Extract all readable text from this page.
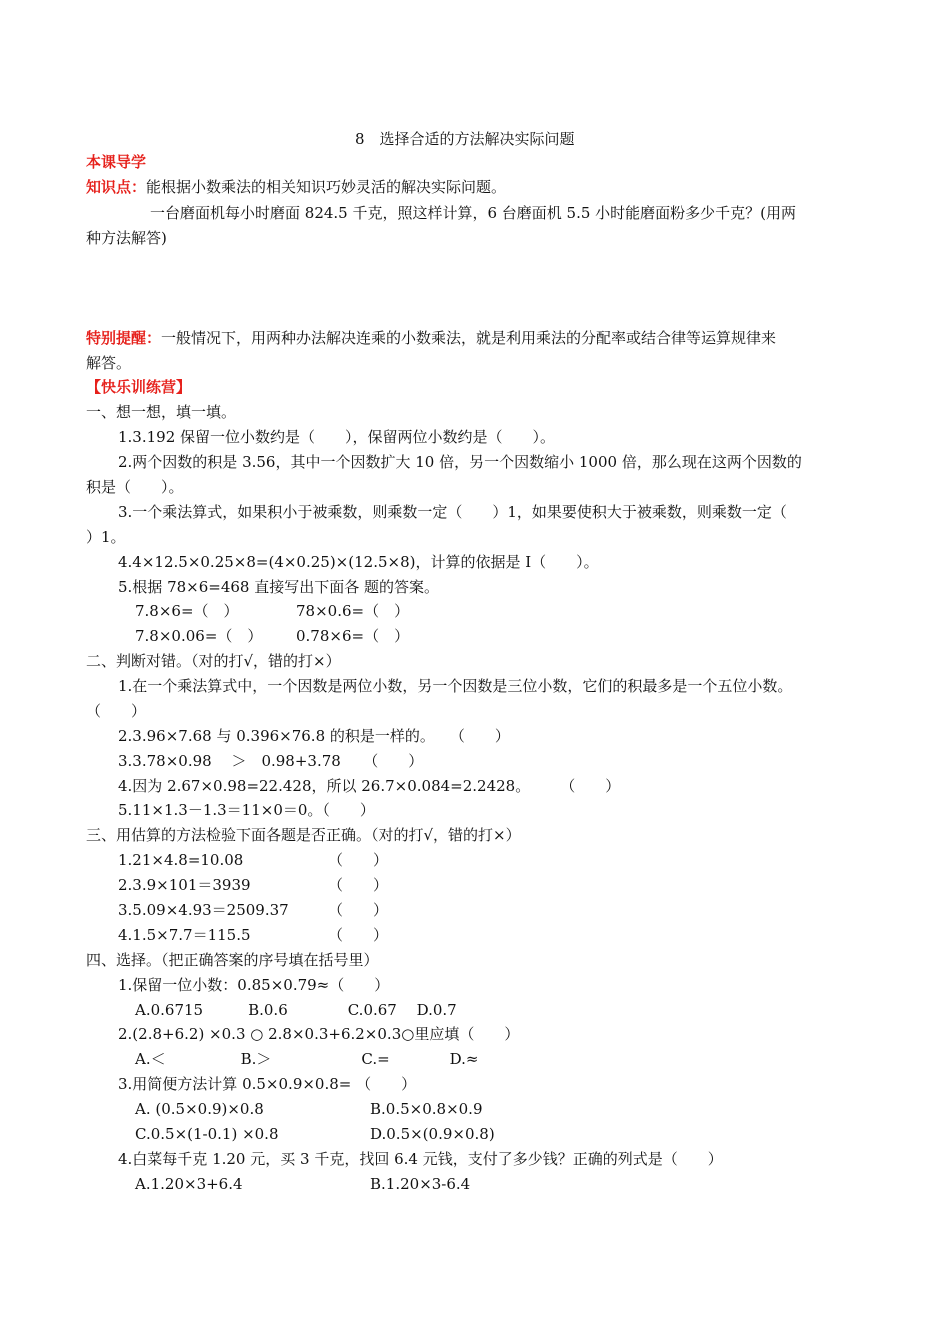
8　选择合适的方法解决实际问题
本课导学
知识点：能根据小数乘法的相关知识巧妙灵活的解决实际问题。
一台磨面机每小时磨面 824.5 千克，照这样计算，6 台磨面机 5.5 小时能磨面粉多少千克？(用两
种方法解答)
特别提醒：一般情况下，用两种办法解决连乘的小数乘法，就是利用乘法的分配率或结合律等运算规律来
解答。
【快乐训练营】
一、想一想，填一填。
1.3.192 保留一位小数约是（　　），保留两位小数约是（　　）。
2.两个因数的积是 3.56，其中一个因数扩大 10 倍，另一个因数缩小 1000 倍，那么现在这两个因数的
积是（　　）。
3.一个乘法算式，如果积小于被乘数，则乘数一定（　　）1，如果要使积大于被乘数，则乘数一定（
）1。
4.4×12.5×0.25×8=(4×0.25)×(12.5×8)，计算的依据是 I（　　）。
5.根据 78×6=468 直接写出下面各 题的答案。
7.8×6=（　）	78×0.6=（　）
7.8×0.06=（　） 0.78×6=（　）
二、判断对错。（对的打√，错的打×）
1.在一个乘法算式中，一个因数是两位小数，另一个因数是三位小数，它们的积最多是一个五位小数。
（　　）
2.3.96×7.68 与 0.396×76.8 的积是一样的。　　（　　）
3.3.78×0.98　 ＞　0.98+3.78　　（　　）
4.因为 2.67×0.98=22.428，所以 26.7×0.084=2.2428。　　　（　　）
5.11×1.3－1.3＝11×0＝0。（　　）
三、用估算的方法检验下面各题是否正确。（对的打√，错的打×）
1.21×4.8=10.08	（　　）
2.3.9×101＝3939	（　　）
3.5.09×4.93＝2509.37	（　　）
4.1.5×7.7＝115.5	（　　）
四、选择。（把正确答案的序号填在括号里）
1.保留一位小数：0.85×0.79≈（　　）
A.0.6715　　　B.0.6　　　　C.0.67　 D.0.7
2.(2.8+6.2) ×0.3 ○ 2.8×0.3+6.2×0.3○里应填（　　）
A.＜　　　　　B.＞　　　　　　C.=　　　　D.≈
3.用简便方法计算 0.5×0.9×0.8= （　　）
A. (0.5×0.9)×0.8	B.0.5×0.8×0.9
C.0.5×(1-0.1) ×0.8	D.0.5×(0.9×0.8)
4.白菜每千克 1.20 元，买 3 千克，找回 6.4 元钱，支付了多少钱？正确的列式是（　　）
A.1.20×3+6.4	B.1.20×3-6.4
